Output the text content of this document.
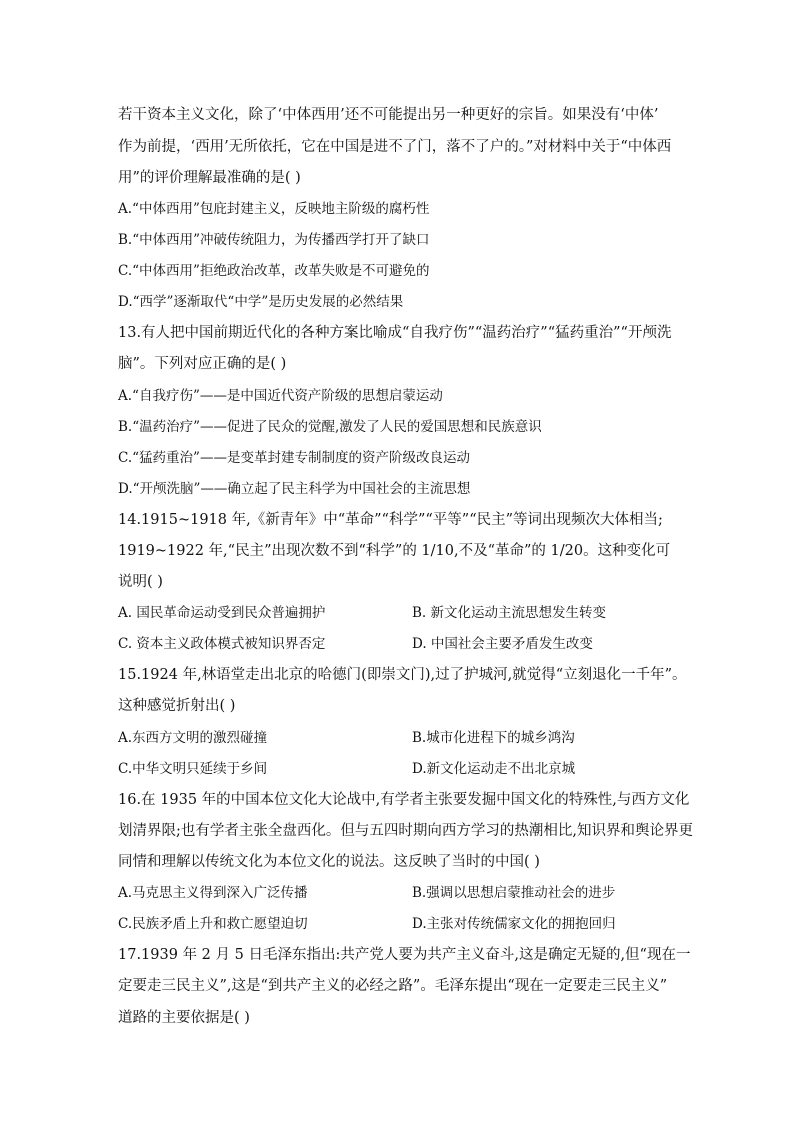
若干资本主义文化，除了‘中体西用’还不可能提出另一种更好的宗旨。如果没有‘中体’
作为前提，‘西用’无所依托，它在中国是进不了门，落不了户的。”对材料中关于“中体西
用”的评价理解最准确的是( )
A.“中体西用”包庇封建主义，反映地主阶级的腐朽性
B.“中体西用”冲破传统阻力，为传播西学打开了缺口
C.“中体西用”拒绝政治改革，改革失败是不可避免的
D.“西学”逐渐取代“中学”是历史发展的必然结果
13.有人把中国前期近代化的各种方案比喻成“自我疗伤”“温药治疗”“猛药重治”“开颅洗
脑”。下列对应正确的是( )
A.“自我疗伤”——是中国近代资产阶级的思想启蒙运动
B.“温药治疗”——促进了民众的觉醒,激发了人民的爱国思想和民族意识
C.“猛药重治”——是变革封建专制制度的资产阶级改良运动
D.“开颅洗脑”——确立起了民主科学为中国社会的主流思想
14.1915~1918 年,《新青年》中“革命”“科学”“平等”“民主”等词出现频次大体相当;
1919~1922 年,“民主”出现次数不到“科学”的 1/10,不及“革命”的 1/20。这种变化可
说明( )
A. 国民革命运动受到民众普遍拥护	B. 新文化运动主流思想发生转变
C. 资本主义政体模式被知识界否定	D. 中国社会主要矛盾发生改变
15.1924 年,林语堂走出北京的哈德门(即崇文门),过了护城河,就觉得“立刻退化一千年”。
这种感觉折射出( )
A.东西方文明的激烈碰撞	B.城市化进程下的城乡鸿沟
C.中华文明只延续于乡间	D.新文化运动走不出北京城
16.在 1935 年的中国本位文化大论战中,有学者主张要发掘中国文化的特殊性,与西方文化
划清界限;也有学者主张全盘西化。但与五四时期向西方学习的热潮相比,知识界和舆论界更
同情和理解以传统文化为本位文化的说法。这反映了当时的中国( )
A.马克思主义得到深入广泛传播	B.强调以思想启蒙推动社会的进步
C.民族矛盾上升和救亡愿望迫切	D.主张对传统儒家文化的拥抱回归
17.1939 年 2 月 5 日毛泽东指出:共产党人要为共产主义奋斗,这是确定无疑的,但“现在一
定要走三民主义”,这是“到共产主义的必经之路”。毛泽东提出“现在一定要走三民主义”
道路的主要依据是( )
